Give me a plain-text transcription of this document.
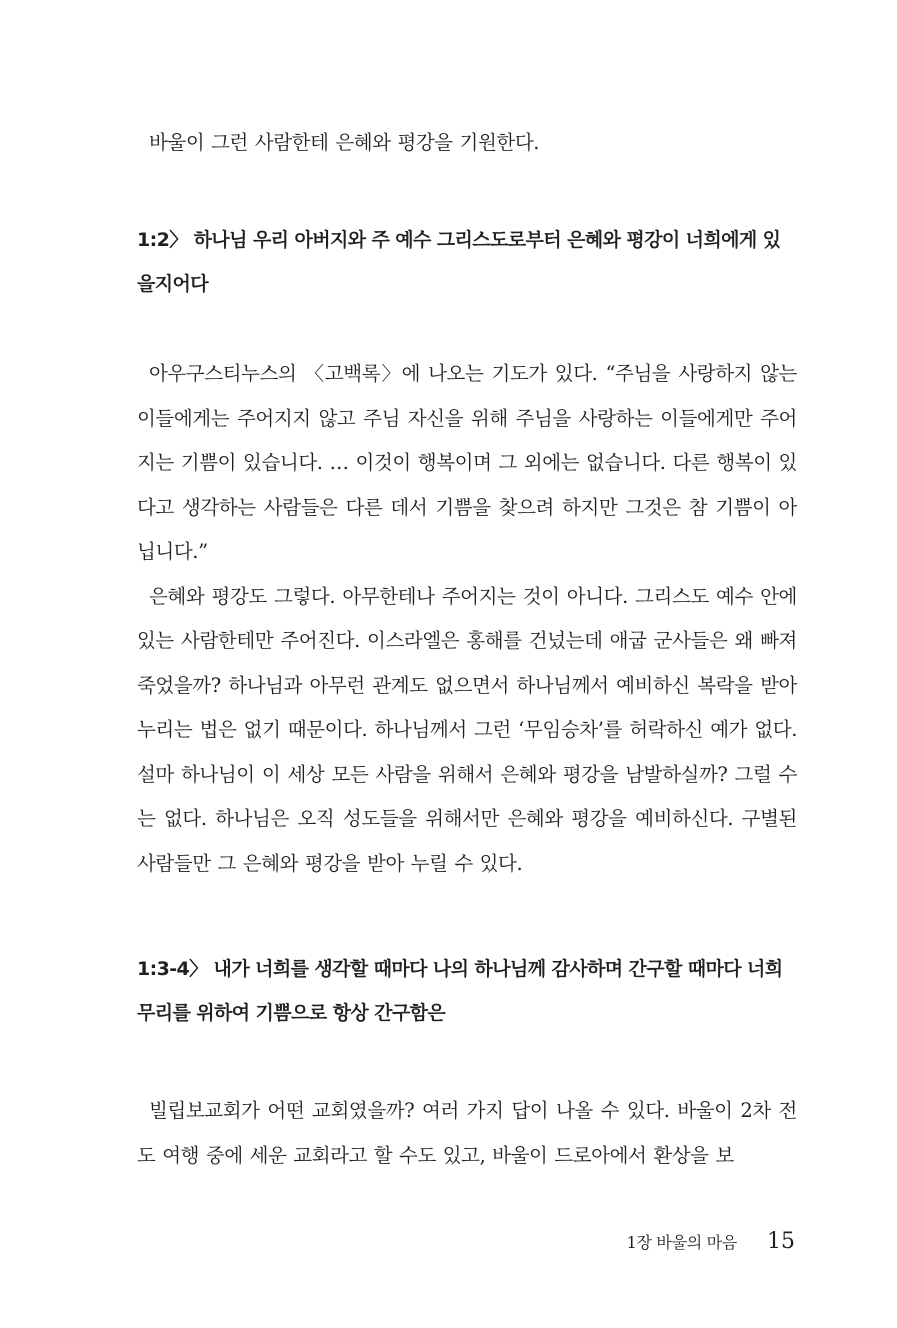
바울이 그런 사람한테 은혜와 평강을 기원한다.

1:2〉 하나님 우리 아버지와 주 예수 그리스도로부터 은혜와 평강이 너희에게 있을지어다

아우구스티누스의 〈고백록〉에 나오는 기도가 있다. “주님을 사랑하지 않는 이들에게는 주어지지 않고 주님 자신을 위해 주님을 사랑하는 이들에게만 주어지는 기쁨이 있습니다. … 이것이 행복이며 그 외에는 없습니다. 다른 행복이 있다고 생각하는 사람들은 다른 데서 기쁨을 찾으려 하지만 그것은 참 기쁨이 아닙니다.”

은혜와 평강도 그렇다. 아무한테나 주어지는 것이 아니다. 그리스도 예수 안에 있는 사람한테만 주어진다. 이스라엘은 홍해를 건넜는데 애굽 군사들은 왜 빠져 죽었을까? 하나님과 아무런 관계도 없으면서 하나님께서 예비하신 복락을 받아 누리는 법은 없기 때문이다. 하나님께서 그런 ‘무임승차’를 허락하신 예가 없다. 설마 하나님이 이 세상 모든 사람을 위해서 은혜와 평강을 남발하실까? 그럴 수는 없다. 하나님은 오직 성도들을 위해서만 은혜와 평강을 예비하신다. 구별된 사람들만 그 은혜와 평강을 받아 누릴 수 있다.

1:3-4〉 내가 너희를 생각할 때마다 나의 하나님께 감사하며 간구할 때마다 너희 무리를 위하여 기쁨으로 항상 간구함은

빌립보교회가 어떤 교회였을까? 여러 가지 답이 나올 수 있다. 바울이 2차 전도 여행 중에 세운 교회라고 할 수도 있고, 바울이 드로아에서 환상을 보

1장 바울의 마음 15
